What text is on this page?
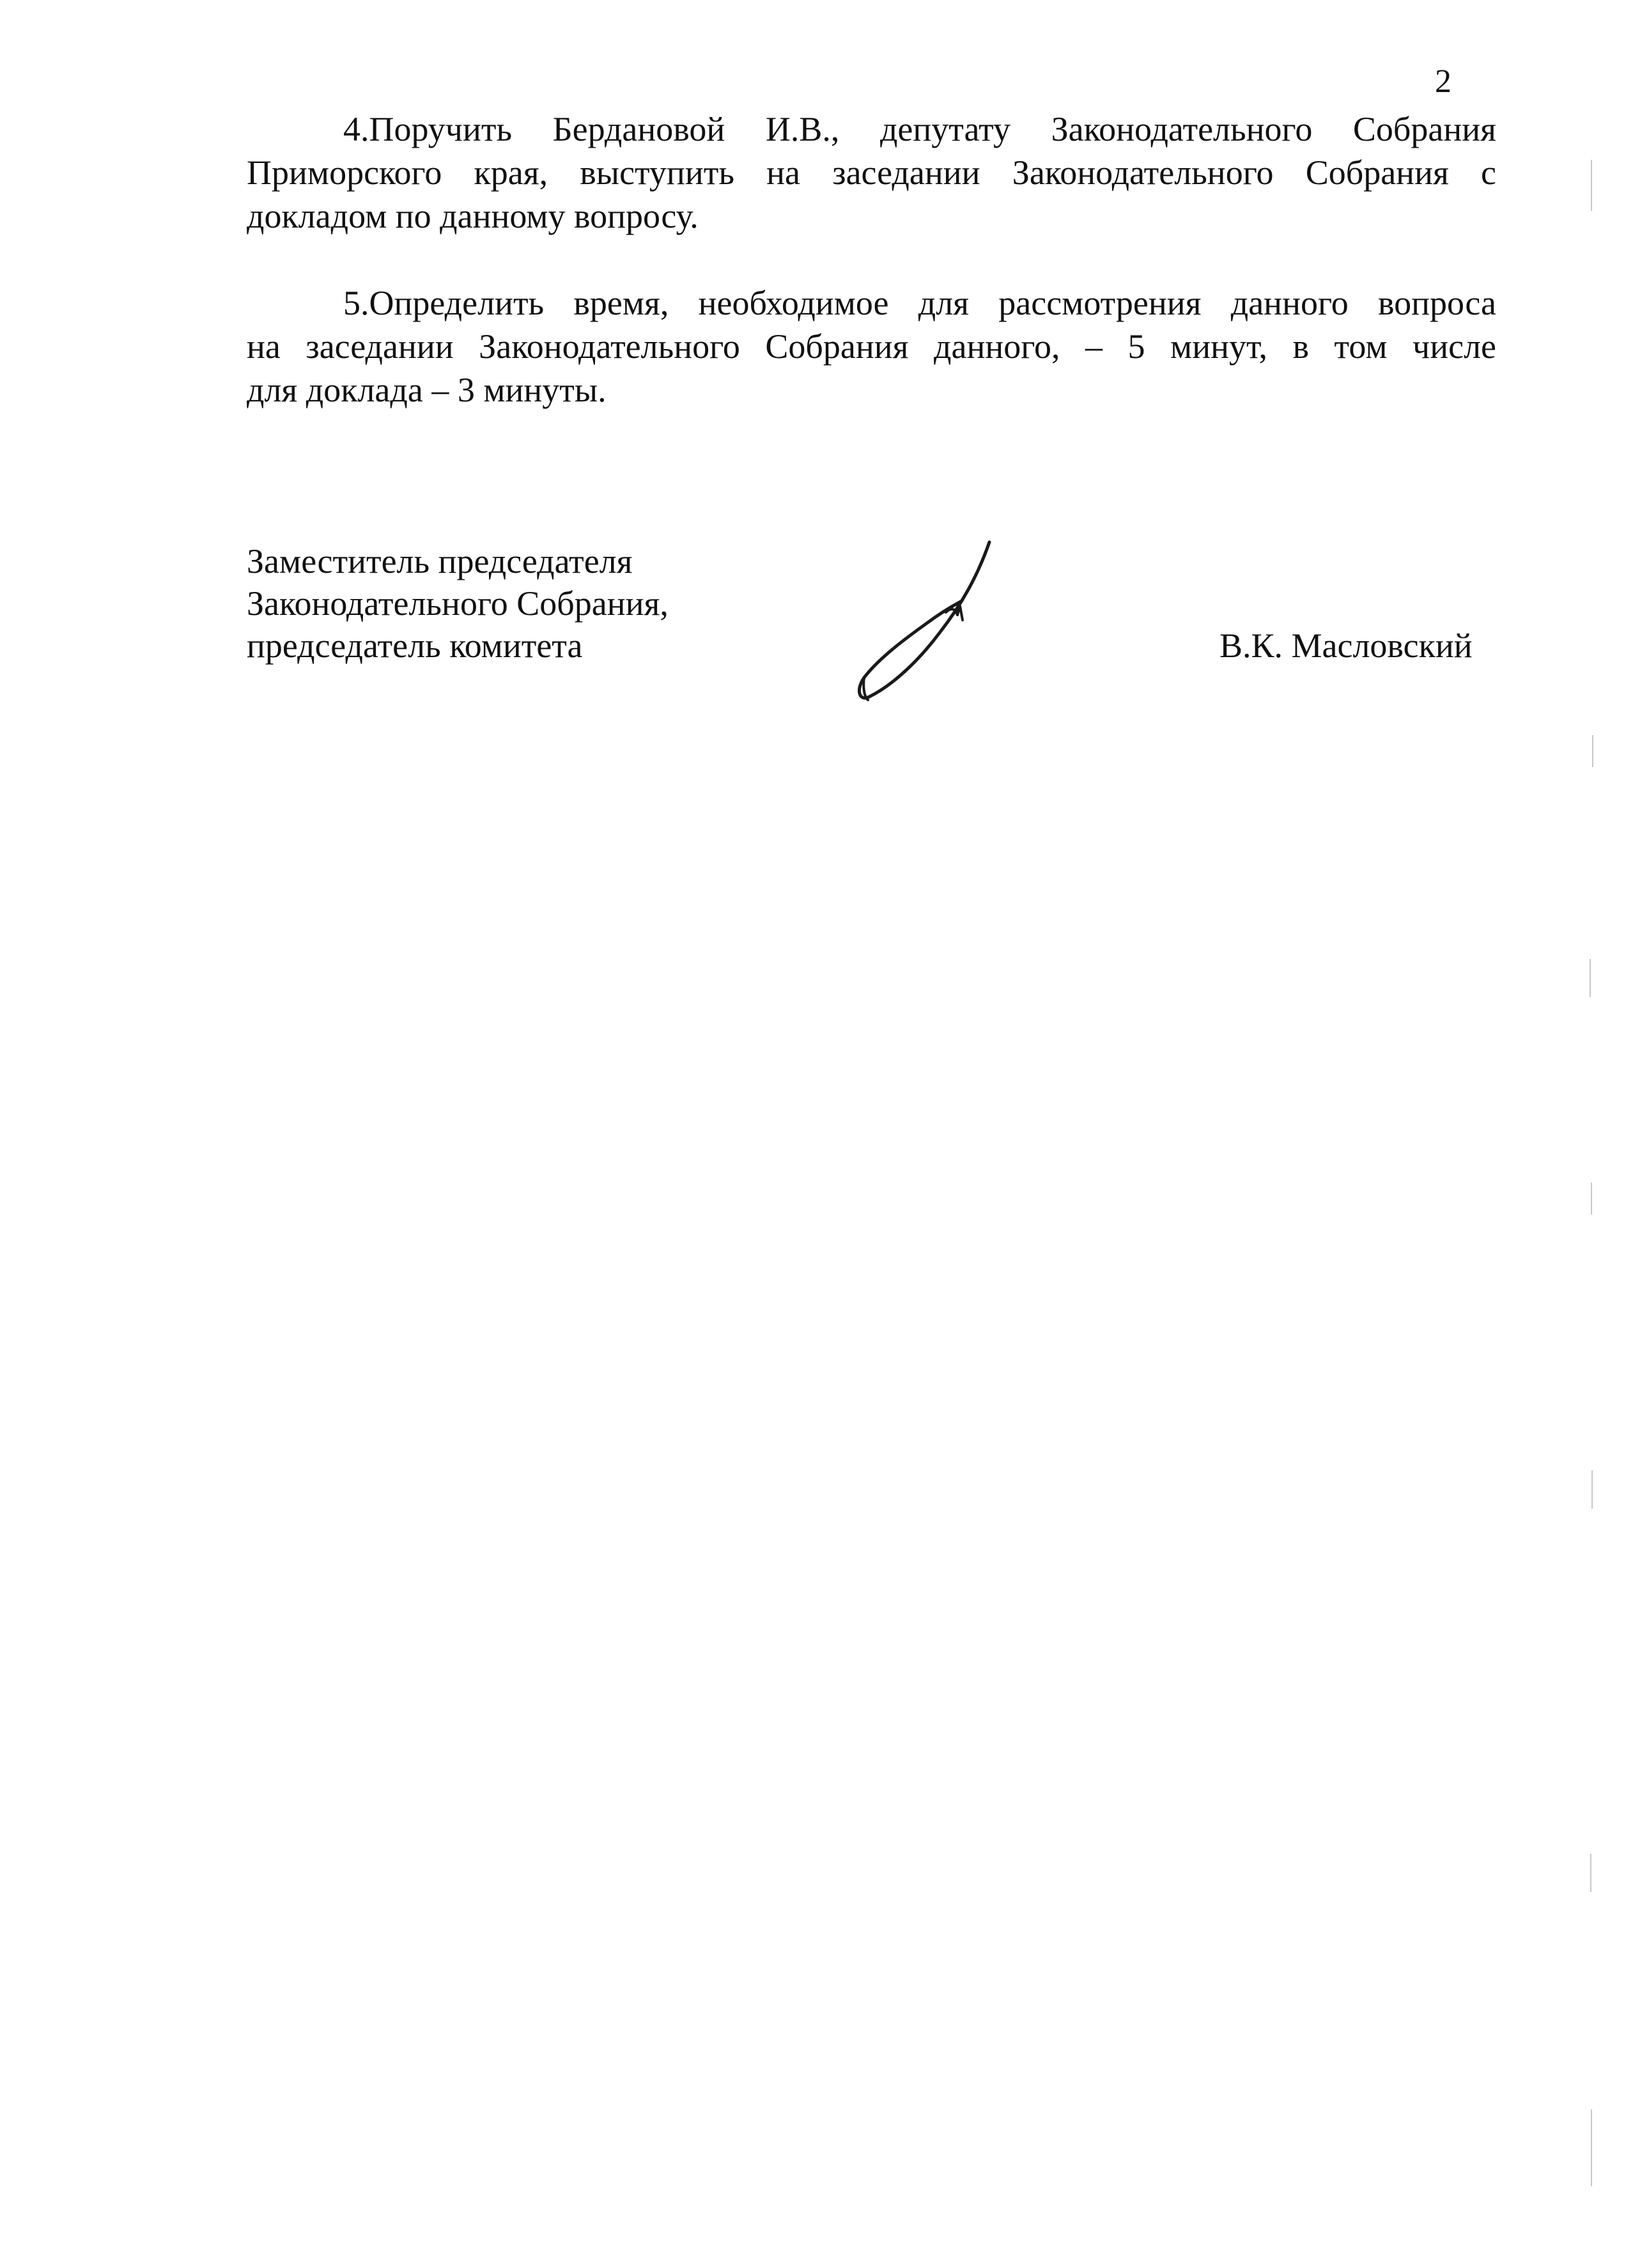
2
4.Поручить Бердановой И.В., депутату Законодательного Собрания
Приморского края, выступить на заседании Законодательного Собрания с
докладом по данному вопросу.
5.Определить время, необходимое для рассмотрения данного вопроса
на заседании Законодательного Собрания данного, – 5 минут, в том числе
для доклада – 3 минуты.
Заместитель председателя
Законодательного Собрания,
председатель комитета	В.К. Масловский
